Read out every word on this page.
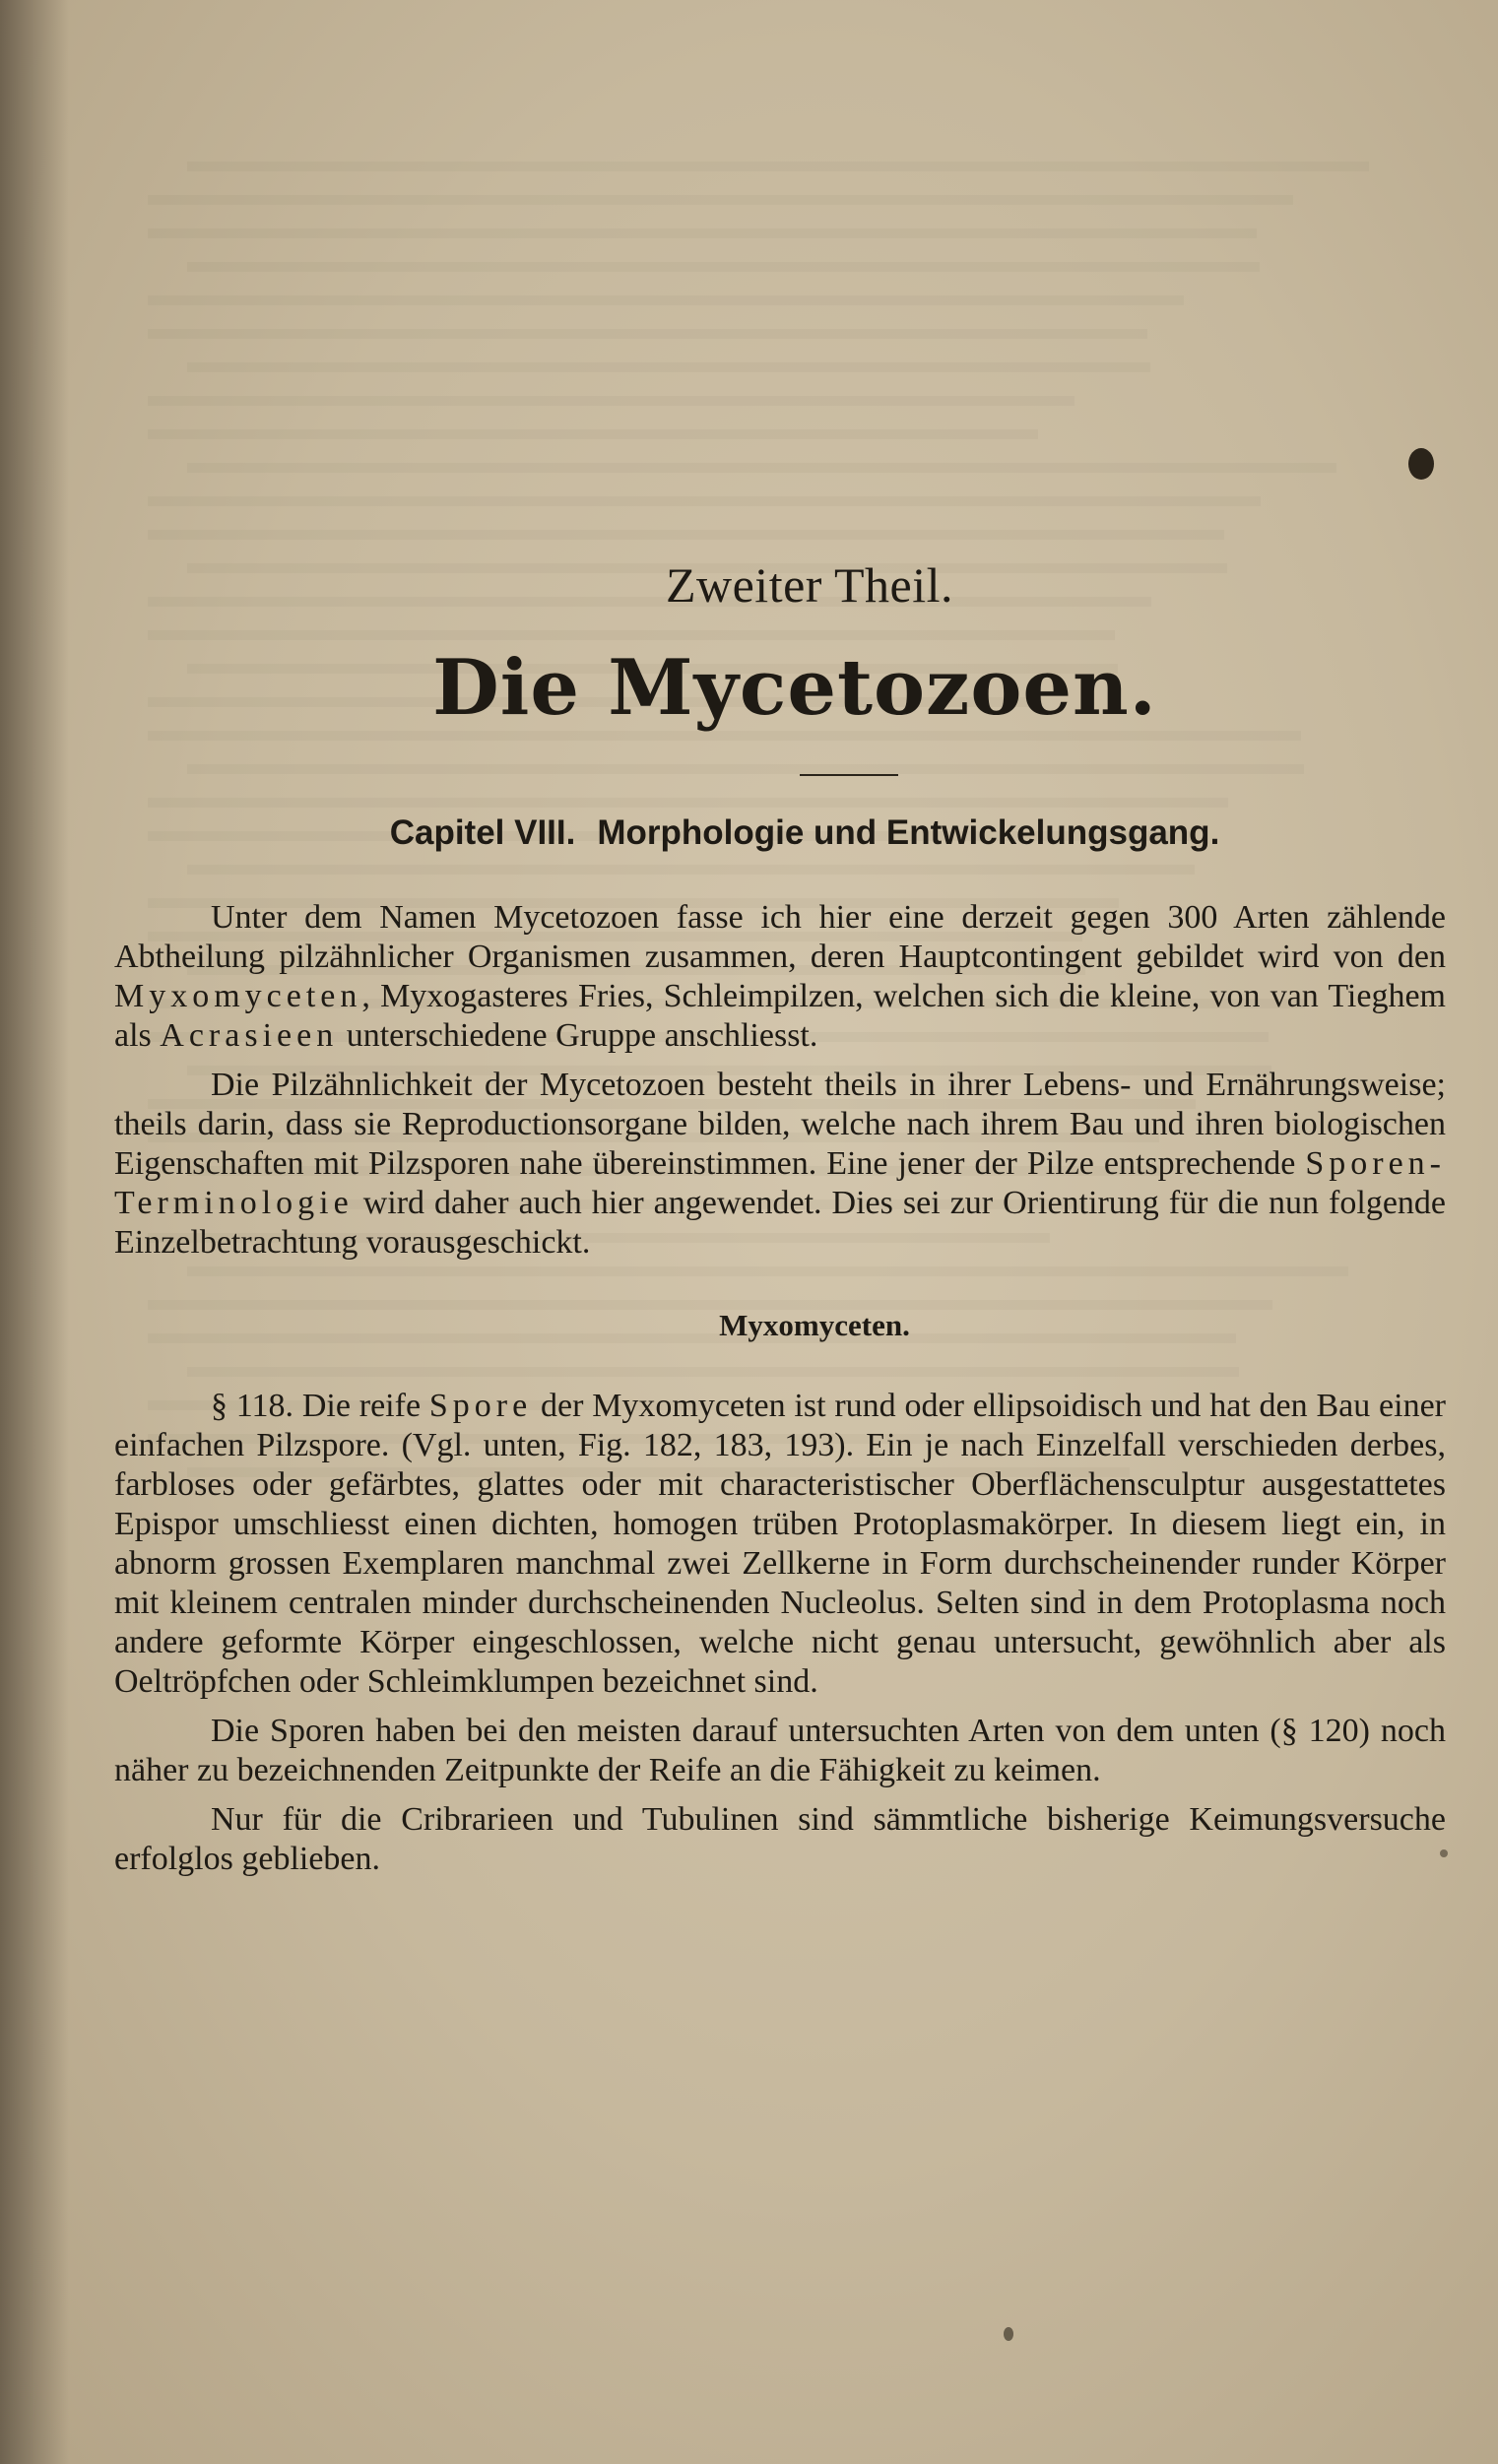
Zweiter Theil.
Die Mycetozoen.
Capitel VIII. Morphologie und Entwickelungsgang.

Unter dem Namen Mycetozoen fasse ich hier eine derzeit gegen 300 Arten zählende Abtheilung pilzähnlicher Organismen zusammen, deren Hauptcontingent gebildet wird von den Myxomyceten, Myxogasteres Fries, Schleimpilzen, welchen sich die kleine, von van Tieghem als Acrasieen unterschiedene Gruppe anschliesst.

Die Pilzähnlichkeit der Mycetozoen besteht theils in ihrer Lebens- und Ernährungsweise; theils darin, dass sie Reproductionsorgane bilden, welche nach ihrem Bau und ihren biologischen Eigenschaften mit Pilzsporen nahe übereinstimmen. Eine jener der Pilze entsprechende Sporen-Terminologie wird daher auch hier angewendet. Dies sei zur Orientirung für die nun folgende Einzelbetrachtung vorausgeschickt.

Myxomyceten.

§ 118. Die reife Spore der Myxomyceten ist rund oder ellipsoidisch und hat den Bau einer einfachen Pilzspore. (Vgl. unten, Fig. 182, 183, 193). Ein je nach Einzelfall verschieden derbes, farbloses oder gefärbtes, glattes oder mit characteristischer Oberflächensculptur ausgestattetes Epispor umschliesst einen dichten, homogen trüben Protoplasmakörper. In diesem liegt ein, in abnorm grossen Exemplaren manchmal zwei Zellkerne in Form durchscheinender runder Körper mit kleinem centralen minder durchscheinenden Nucleolus. Selten sind in dem Protoplasma noch andere geformte Körper eingeschlossen, welche nicht genau untersucht, gewöhnlich aber als Oeltröpfchen oder Schleimklumpen bezeichnet sind.

Die Sporen haben bei den meisten darauf untersuchten Arten von dem unten (§ 120) noch näher zu bezeichnenden Zeitpunkte der Reife an die Fähigkeit zu keimen.

Nur für die Cribrarieen und Tubulinen sind sämmtliche bisherige Keimungsversuche erfolglos geblieben.
